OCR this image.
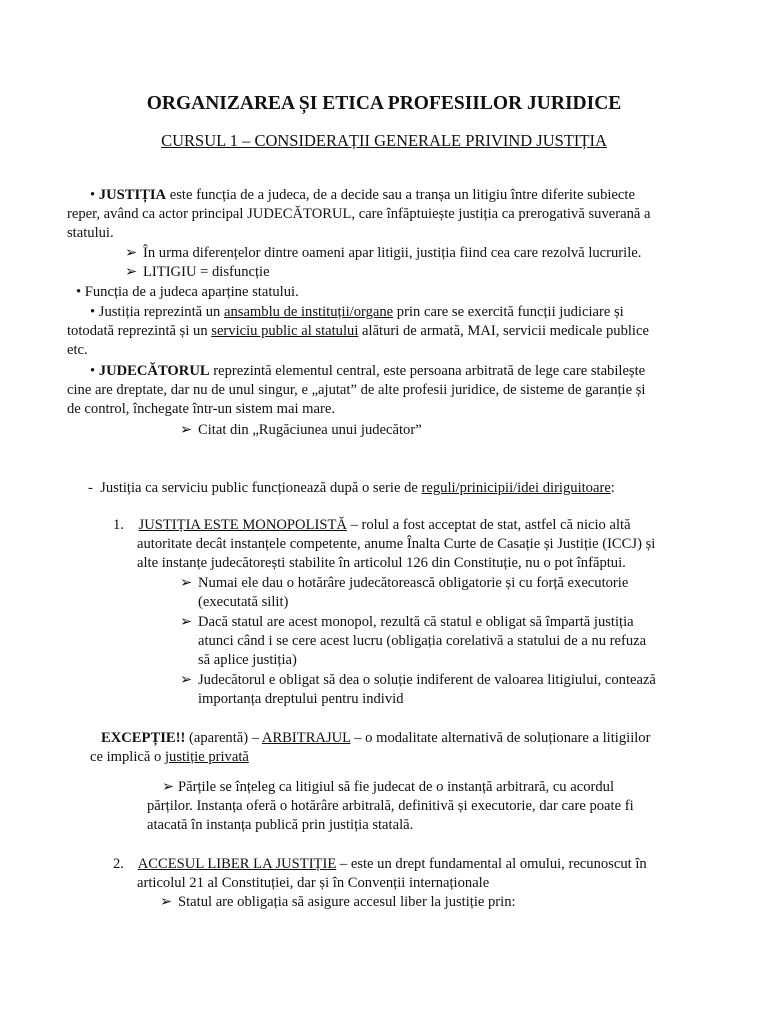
ORGANIZAREA ȘI ETICA PROFESIILOR JURIDICE
CURSUL 1 – CONSIDERAȚII GENERALE PRIVIND JUSTIȚIA
• JUSTIȚIA este funcția de a judeca, de a decide sau a tranșa un litigiu între diferite subiecte
reper, având ca actor principal JUDECĂTORUL, care înfăptuiește justiția ca prerogativă suverană a
statului.
➢ În urma diferențelor dintre oameni apar litigii, justiția fiind cea care rezolvă lucrurile.
➢ LITIGIU = disfuncție
• Funcția de a judeca aparține statului.
• Justiția reprezintă un ansamblu de instituții/organe prin care se exercită funcții judiciare și
totodată reprezintă și un serviciu public al statului alături de armată, MAI, servicii medicale publice
etc.
• JUDECĂTORUL reprezintă elementul central, este persoana arbitrată de lege care stabilește
cine are dreptate, dar nu de unul singur, e „ajutat” de alte profesii juridice, de sisteme de garanție și
de control, închegate într-un sistem mai mare.
➢ Citat din „Rugăciunea unui judecător”
- Justiția ca serviciu public funcționează după o serie de reguli/prinicipii/idei diriguitoare:
1. JUSTIȚIA ESTE MONOPOLISTĂ – rolul a fost acceptat de stat, astfel că nicio altă
autoritate decât instanțele competente, anume Înalta Curte de Casație și Justiție (ICCJ) și
alte instanțe judecătorești stabilite în articolul 126 din Constituție, nu o pot înfăptui.
➢ Numai ele dau o hotărâre judecătorească obligatorie și cu forță executorie
(executată silit)
➢ Dacă statul are acest monopol, rezultă că statul e obligat să împartă justiția
atunci când i se cere acest lucru (obligația corelativă a statului de a nu refuza
să aplice justiția)
➢ Judecătorul e obligat să dea o soluție indiferent de valoarea litigiului, contează
importanța dreptului pentru individ
EXCEPȚIE!! (aparentă) – ARBITRAJUL – o modalitate alternativă de soluționare a litigiilor
ce implică o justiție privată
➢ Părțile se înțeleg ca litigiul să fie judecat de o instanță arbitrară, cu acordul
părților. Instanța oferă o hotărâre arbitrală, definitivă și executorie, dar care poate fi
atacată în instanța publică prin justiția statală.
2. ACCESUL LIBER LA JUSTIȚIE – este un drept fundamental al omului, recunoscut în
articolul 21 al Constituției, dar și în Convenții internaționale
➢ Statul are obligația să asigure accesul liber la justiție prin:
